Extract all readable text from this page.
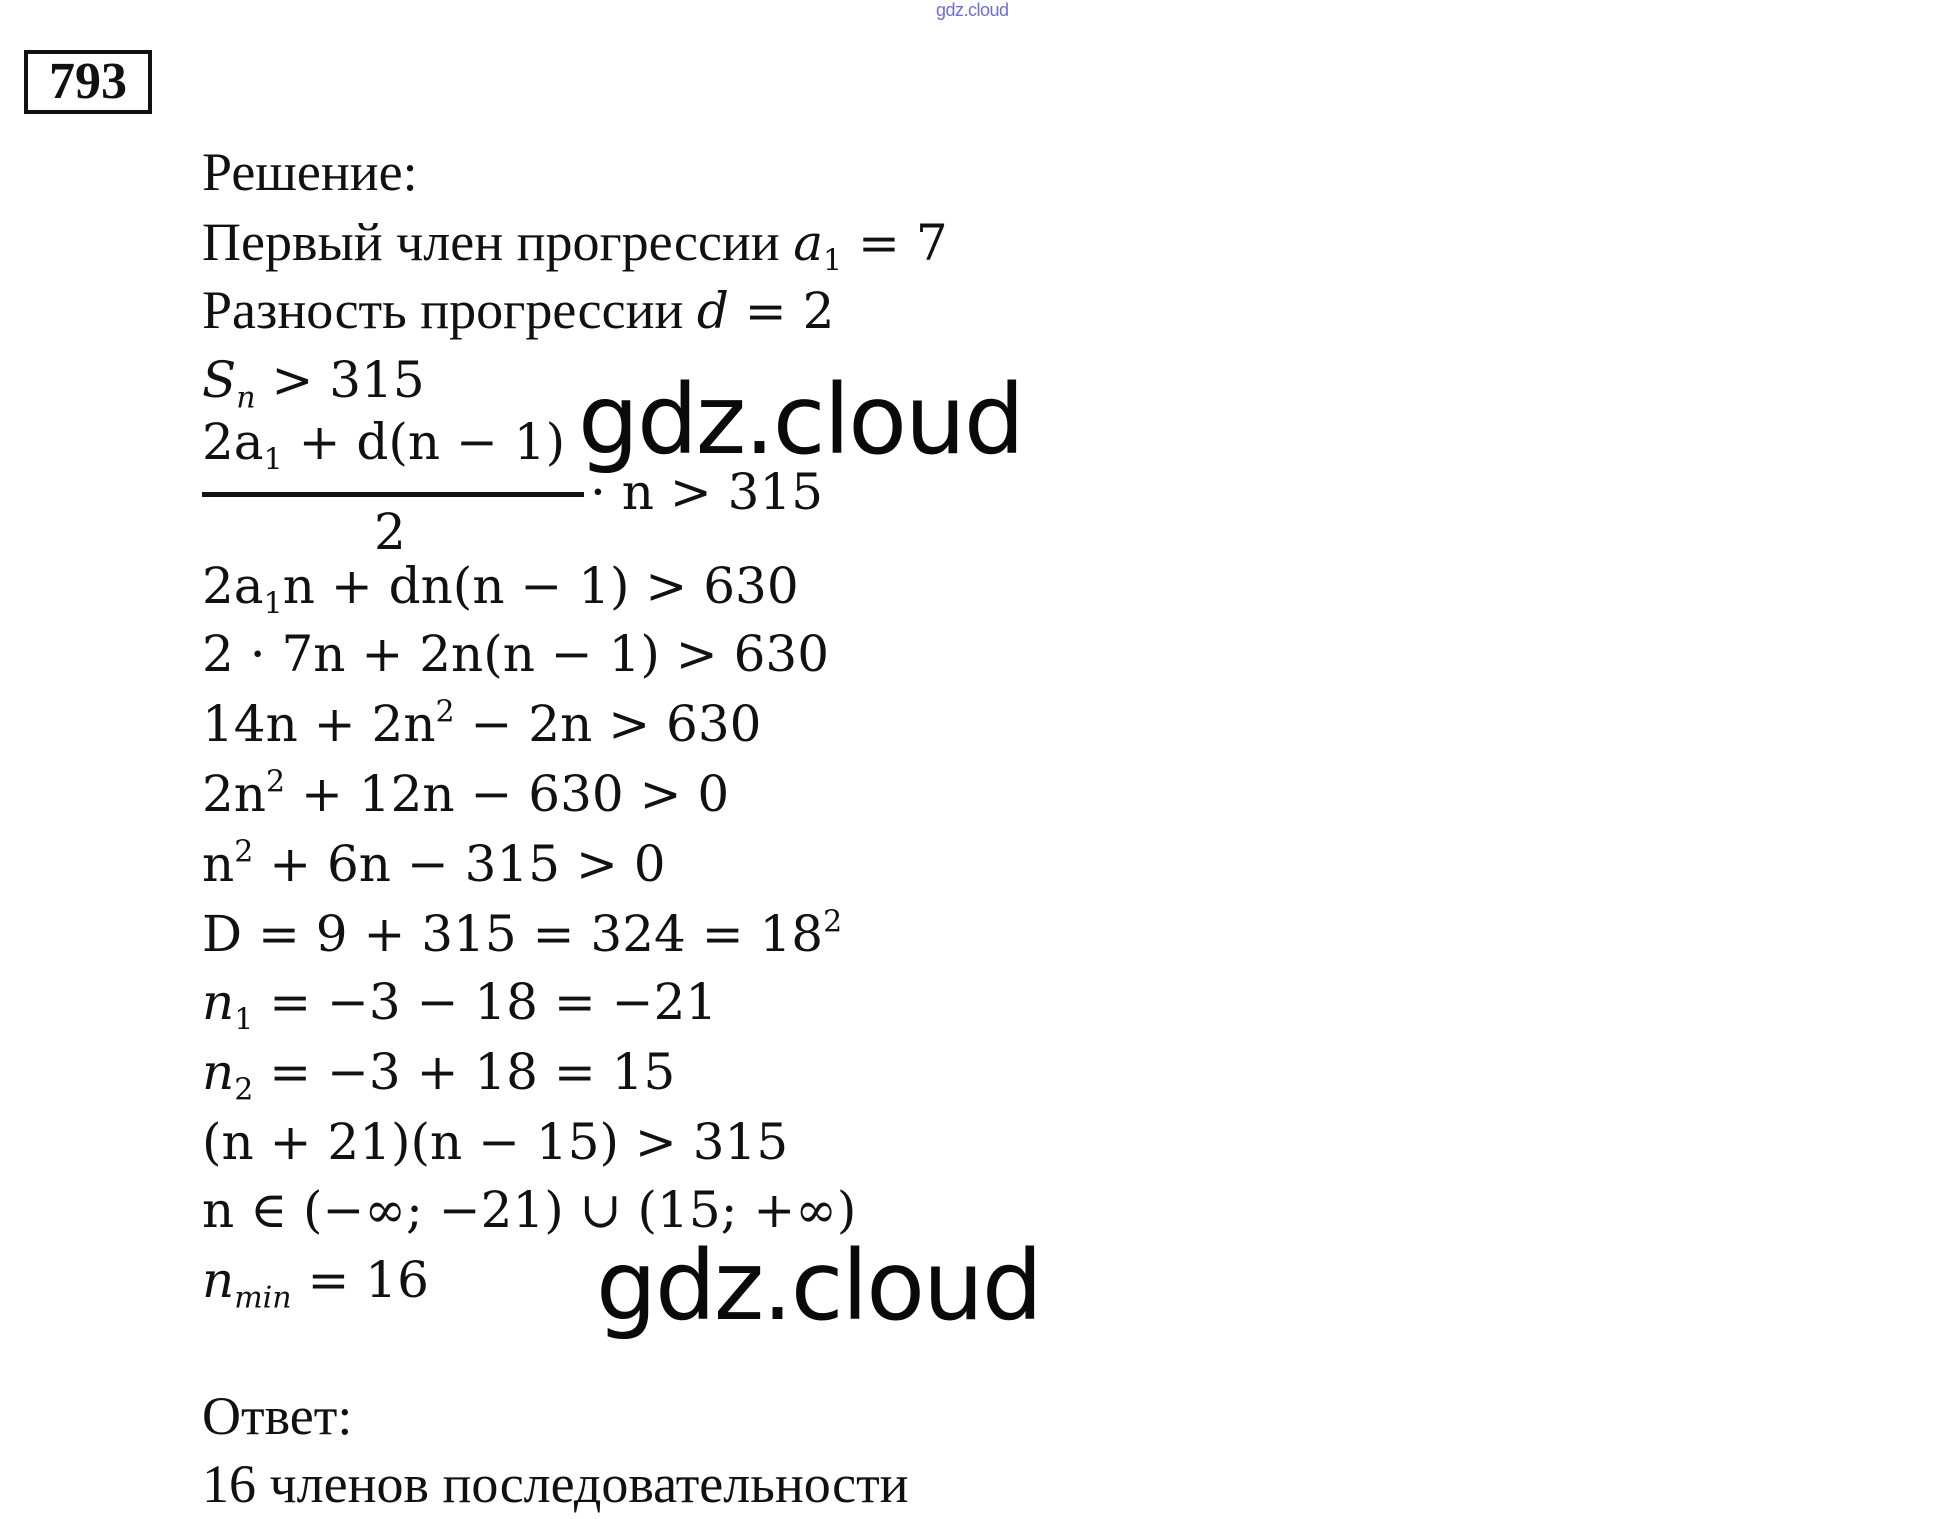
gdz.cloud
793
Решение:
Первый член прогрессии $a_1 = 7$
Разность прогрессии d = 2
$S_n > 315$
$2a_1 + d(n - 1)$
2
· n > 315
$2a_1n + dn(n - 1) > 630$
2 · 7n + 2n(n − 1) > 630
$14n + 2n^2 - 2n > 630$
$2n^2 + 12n - 630 > 0$
$n^2 + 6n - 315 > 0$
$D = 9 + 315 = 324 = 18^2$
$n_1 = -3 - 18 = -21$
$n_2 = -3 + 18 = 15$
(n + 21)(n − 15) > 315
n ∈ (−∞; −21) ∪ (15; +∞)
$n_{min} = 16$
Ответ:
16 членов последовательности
gdz.cloud
gdz.cloud
